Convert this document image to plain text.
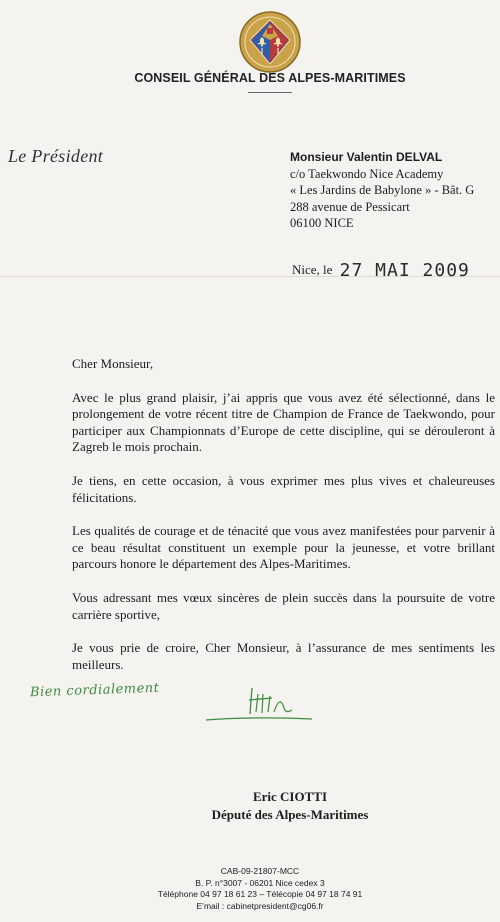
CONSEIL GÉNÉRAL DES ALPES-MARITIMES
Le Président	Monsieur Valentin DELVAL
c/o Taekwondo Nice Academy
« Les Jardins de Babylone » - Bât. G
288 avenue de Pessicart
06100 NICE
Nice, le 27 MAI 2009

Cher Monsieur,

Avec le plus grand plaisir, j’ai appris que vous avez été sélectionné, dans le prolongement de votre récent titre de Champion de France de Taekwondo, pour participer aux Championnats d’Europe de cette discipline, qui se dérouleront à Zagreb le mois prochain.

Je tiens, en cette occasion, à vous exprimer mes plus vives et chaleureuses félicitations.

Les qualités de courage et de ténacité que vous avez manifestées pour parvenir à ce beau résultat constituent un exemple pour la jeunesse, et votre brillant parcours honore le département des Alpes-Maritimes.

Vous adressant mes vœux sincères de plein succès dans la poursuite de votre carrière sportive,

Je vous prie de croire, Cher Monsieur, à l’assurance de mes sentiments les meilleurs.

Bien cordialement
Eric CIOTTI
Député des Alpes-Maritimes
CAB-09-21807-MCC
B. P. n°3007 - 06201 Nice cedex 3
Téléphone 04 97 18 61 23 – Télécopie 04 97 18 74 91
E’mail : cabinetpresident@cg06.fr
